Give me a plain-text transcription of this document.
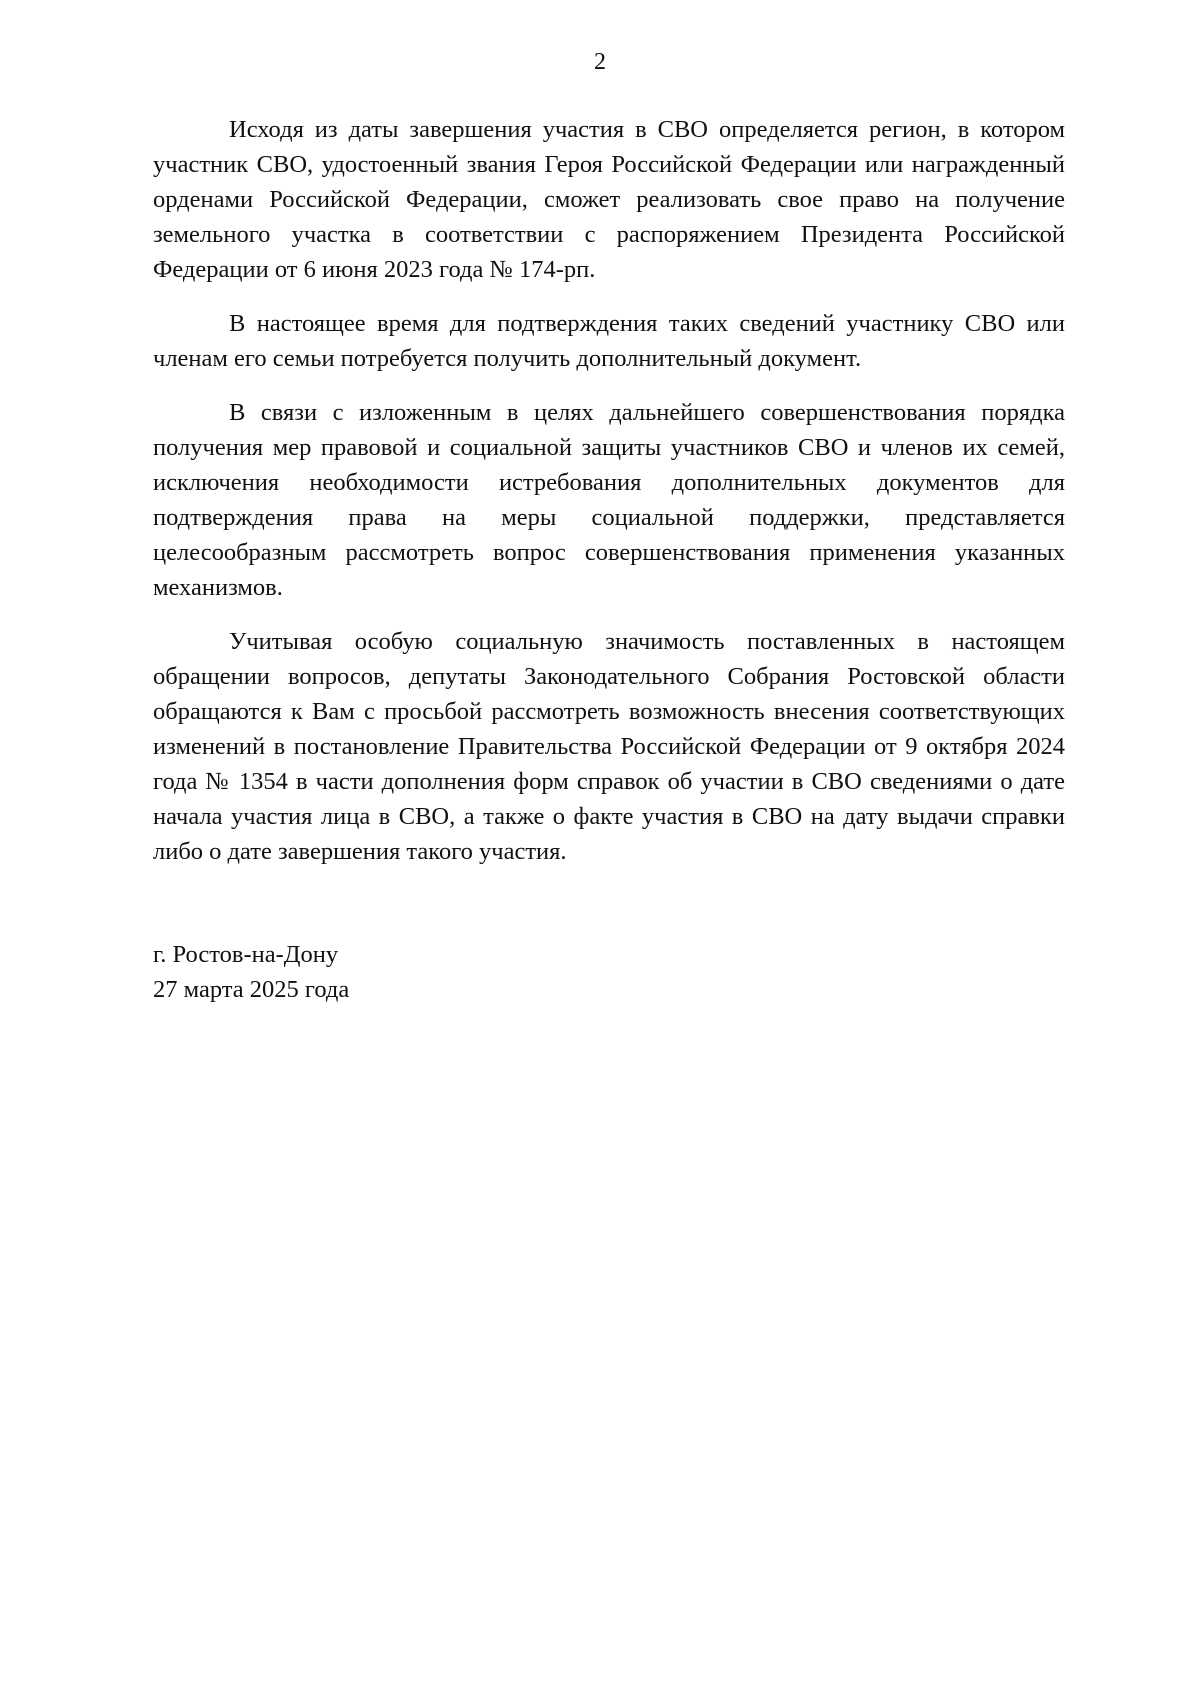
2

Исходя из даты завершения участия в СВО определяется регион, в котором участник СВО, удостоенный звания Героя Российской Федерации или награжденный орденами Российской Федерации, сможет реализовать свое право на получение земельного участка в соответствии с распоряжением Президента Российской Федерации от 6 июня 2023 года № 174-рп.

В настоящее время для подтверждения таких сведений участнику СВО или членам его семьи потребуется получить дополнительный документ.

В связи с изложенным в целях дальнейшего совершенствования порядка получения мер правовой и социальной защиты участников СВО и членов их семей, исключения необходимости истребования дополнительных документов для подтверждения права на меры социальной поддержки, представляется целесообразным рассмотреть вопрос совершенствования применения указанных механизмов.

Учитывая особую социальную значимость поставленных в настоящем обращении вопросов, депутаты Законодательного Собрания Ростовской области обращаются к Вам с просьбой рассмотреть возможность внесения соответствующих изменений в постановление Правительства Российской Федерации от 9 октября 2024 года № 1354 в части дополнения форм справок об участии в СВО сведениями о дате начала участия лица в СВО, а также о факте участия в СВО на дату выдачи справки либо о дате завершения такого участия.

г. Ростов-на-Дону
27 марта 2025 года
